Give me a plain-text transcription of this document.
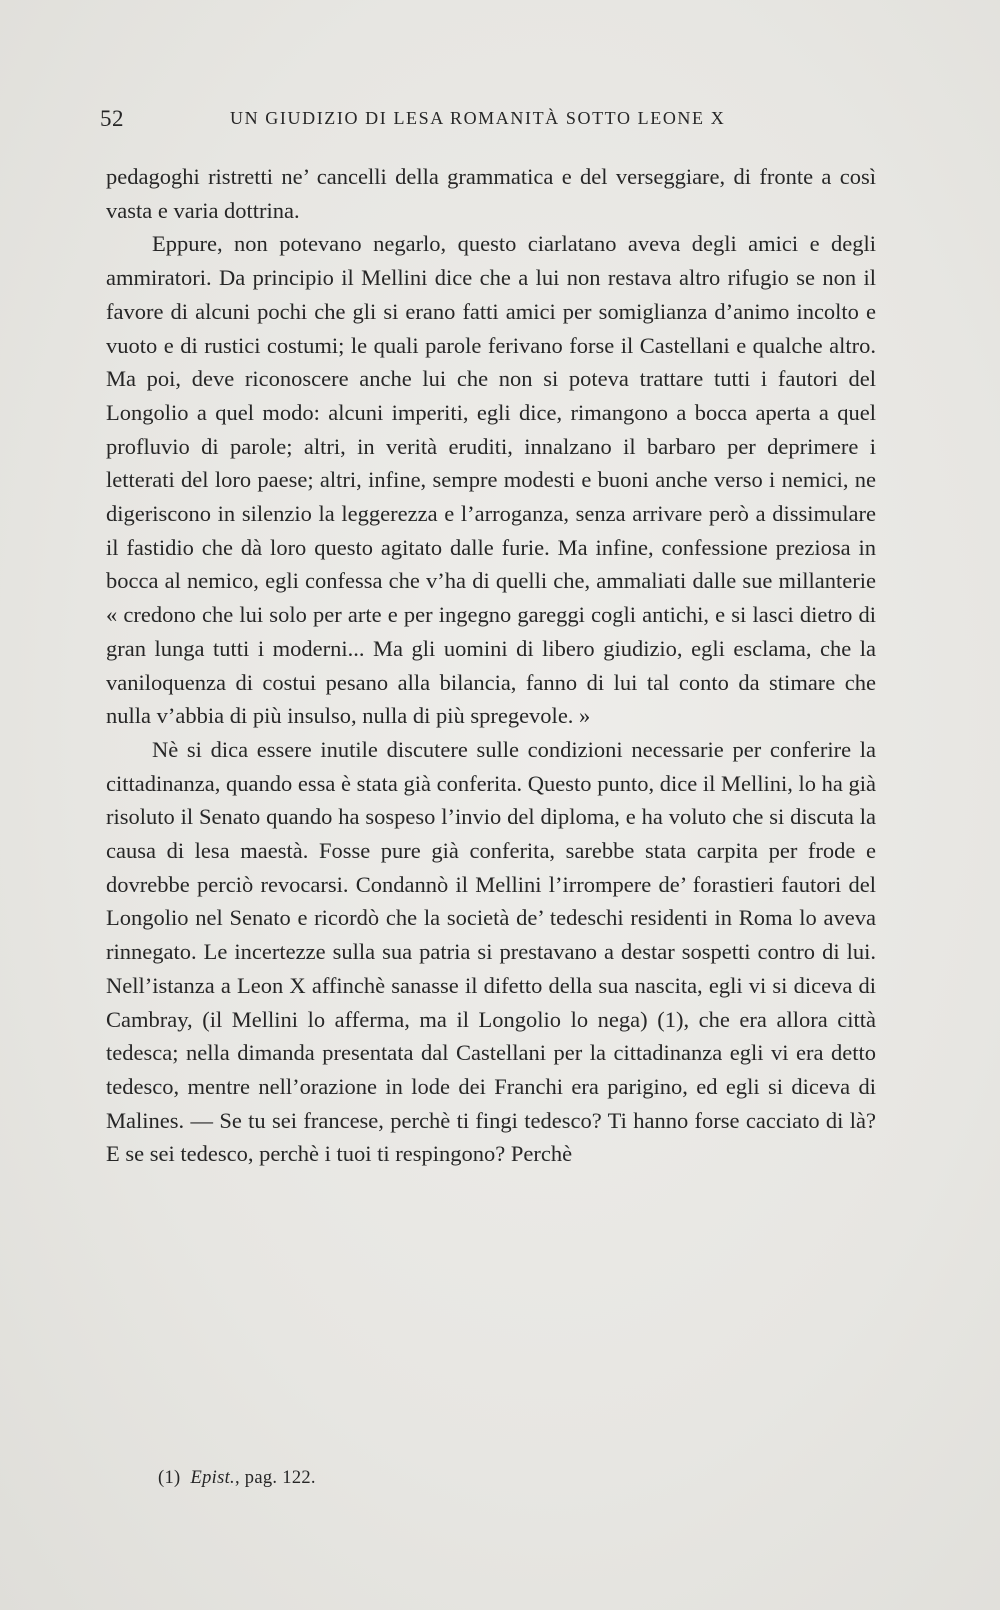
52	UN GIUDIZIO DI LESA ROMANITÀ SOTTO LEONE X

pedagoghi ristretti ne’ cancelli della grammatica e del verseggiare, di fronte a così vasta e varia dottrina.

Eppure, non potevano negarlo, questo ciarlatano aveva degli amici e degli ammiratori. Da principio il Mellini dice che a lui non restava altro rifugio se non il favore di alcuni pochi che gli si erano fatti amici per somiglianza d’animo incolto e vuoto e di rustici costumi; le quali parole ferivano forse il Castellani e qualche altro. Ma poi, deve riconoscere anche lui che non si poteva trattare tutti i fautori del Longolio a quel modo: alcuni imperiti, egli dice, rimangono a bocca aperta a quel profluvio di parole; altri, in verità eruditi, innalzano il barbaro per deprimere i letterati del loro paese; altri, infine, sempre modesti e buoni anche verso i nemici, ne digeriscono in silenzio la leggerezza e l’arroganza, senza arrivare però a dissimulare il fastidio che dà loro questo agitato dalle furie. Ma infine, confessione preziosa in bocca al nemico, egli confessa che v’ha di quelli che, ammaliati dalle sue millanterie « credono che lui solo per arte e per ingegno gareggi cogli antichi, e si lasci dietro di gran lunga tutti i moderni... Ma gli uomini di libero giudizio, egli esclama, che la vaniloquenza di costui pesano alla bilancia, fanno di lui tal conto da stimare che nulla v’abbia di più insulso, nulla di più spregevole. »

Nè si dica essere inutile discutere sulle condizioni necessarie per conferire la cittadinanza, quando essa è stata già conferita. Questo punto, dice il Mellini, lo ha già risoluto il Senato quando ha sospeso l’invio del diploma, e ha voluto che si discuta la causa di lesa maestà. Fosse pure già conferita, sarebbe stata carpita per frode e dovrebbe perciò revocarsi. Condannò il Mellini l’irrompere de’ forastieri fautori del Longolio nel Senato e ricordò che la società de’ tedeschi residenti in Roma lo aveva rinnegato. Le incertezze sulla sua patria si prestavano a destar sospetti contro di lui. Nell’istanza a Leon X affinchè sanasse il difetto della sua nascita, egli vi si diceva di Cambray, (il Mellini lo afferma, ma il Longolio lo nega) (1), che era allora città tedesca; nella dimanda presentata dal Castellani per la cittadinanza egli vi era detto tedesco, mentre nell’orazione in lode dei Franchi era parigino, ed egli si diceva di Malines. — Se tu sei francese, perchè ti fingi tedesco? Ti hanno forse cacciato di là? E se sei tedesco, perchè i tuoi ti respingono? Perchè

(1) Epist., pag. 122.
